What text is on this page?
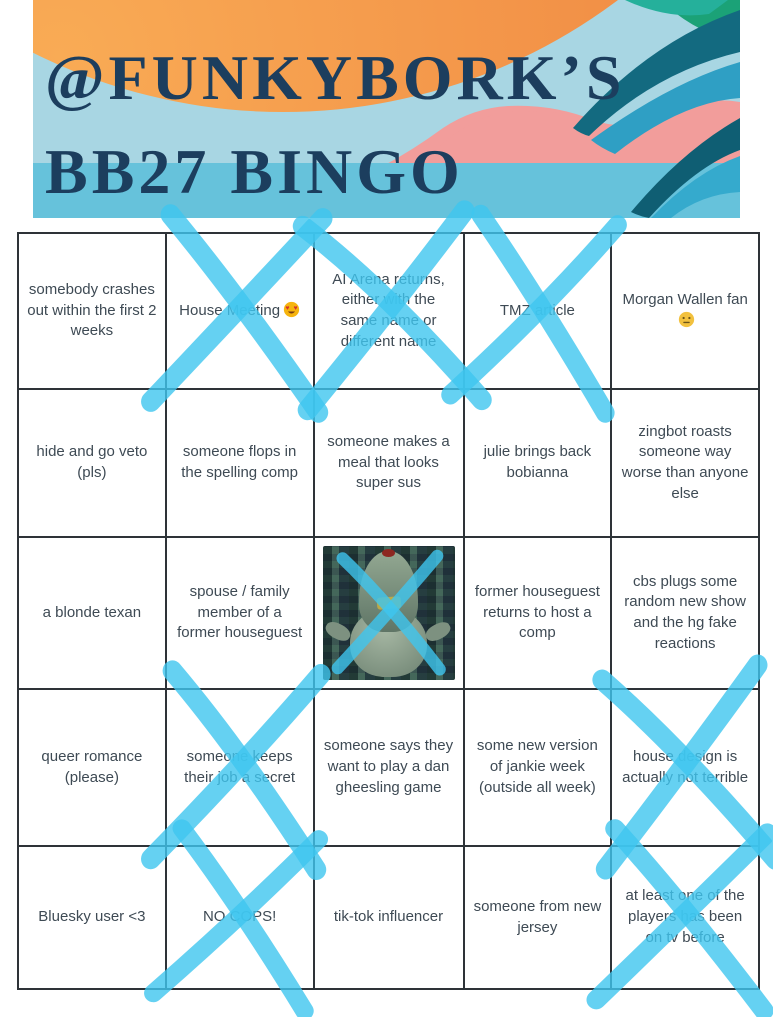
@FUNKYBORK’S
BB27 BINGO
somebody crashes out within the first 2 weeks
House Meeting ♥ ♥
AI Arena returns, either with the same name or different name
TMZ article
Morgan Wallen fan
hide and go veto (pls)
someone flops in the spelling comp
someone makes a meal that looks super sus
julie brings back bobianna
zingbot roasts someone way worse than anyone else
a blonde texan
spouse / family member of a former houseguest
former houseguest returns to host a comp
cbs plugs some random new show and the hg fake reactions
queer romance (please)
someone keeps their job a secret
someone says they want to play a dan gheesling game
some new version of jankie week (outside all week)
house design is actually not terrible
Bluesky user <3	NO COPS!	tik-tok influencer
someone from new jersey
at least one of the players has been on tv before
